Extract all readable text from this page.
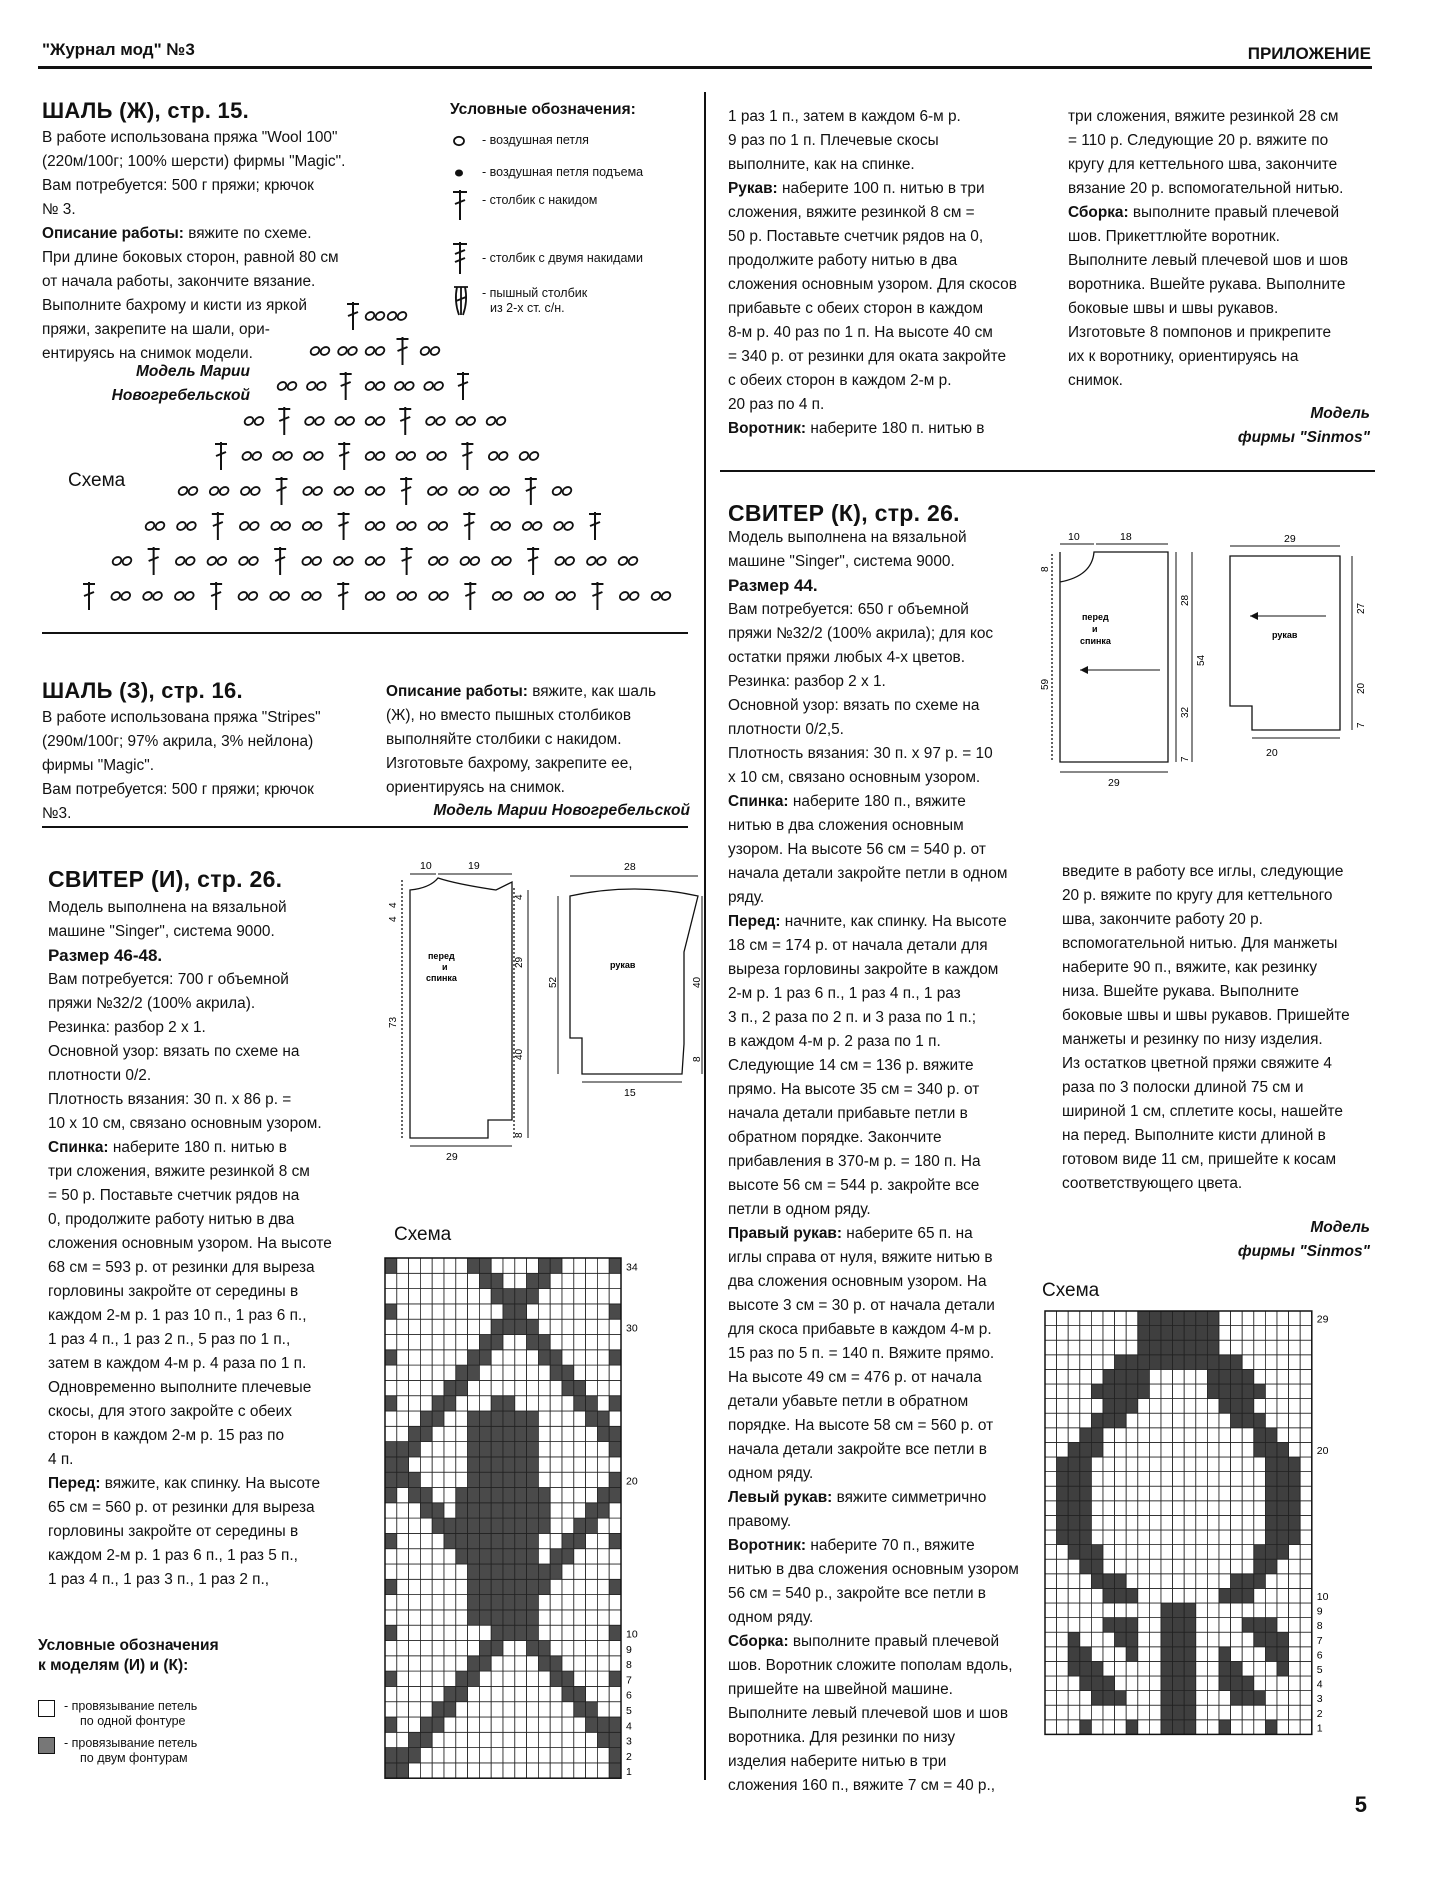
"Журнал мод" №3	ПРИЛОЖЕНИЕ
ШАЛЬ (Ж), стр. 15.
В работе использована пряжа "Wool 100"
(220м/100г; 100% шерсти) фирмы "Magic".
Вам потребуется: 500 г пряжи; крючок
№ 3.
Описание работы: вяжите по схеме.
При длине боковых сторон, равной 80 см
от начала работы, закончите вязание.
Выполните бахрому и кисти из яркой
пряжи, закрепите на шали, ори-
ентируясь на снимок модели.
Модель Марии
Новогребельской
Схема
Условные обозначения:
- воздушная петля
- воздушная петля подъема
- столбик с накидом
- столбик с двумя накидами
- пышный столбик
из 2-х ст. с/н.
ШАЛЬ (З), стр. 16.
В работе использована пряжа "Stripes"
(290м/100г; 97% акрила, 3% нейлона)
фирмы "Magic".
Вам потребуется: 500 г пряжи; крючок
№3.
Описание работы: вяжите, как шаль
(Ж), но вместо пышных столбиков
выполняйте столбики с накидом.
Изготовьте бахрому, закрепите ее,
ориентируясь на снимок.
Модель Марии Новогребельской
СВИТЕР (И), стр. 26.
Модель выполнена на вязальной
машине "Singer", система 9000.
Размер 46-48.
Вам потребуется: 700 г объемной
пряжи №32/2 (100% акрила).
Резинка: разбор 2 х 1.
Основной узор: вязать по схеме на
плотности 0/2.
Плотность вязания: 30 п. х 86 р. =
10 х 10 см, связано основным узором.
Спинка: наберите 180 п. нитью в
три сложения, вяжите резинкой 8 см
= 50 р. Поставьте счетчик рядов на
0, продолжите работу нитью в два
сложения основным узором. На высоте
68 см = 593 р. от резинки для выреза
горловины закройте от середины в
каждом 2-м р. 1 раз 10 п., 1 раз 6 п.,
1 раз 4 п., 1 раз 2 п., 5 раз по 1 п.,
затем в каждом 4-м р. 4 раза по 1 п.
Одновременно выполните плечевые
скосы, для этого закройте с обеих
сторон в каждом 2-м р. 15 раз по
4 п.
Перед: вяжите, как спинку. На высоте
65 см = 560 р. от резинки для выреза
горловины закройте от середины в
каждом 2-м р. 1 раз 6 п., 1 раз 5 п.,
1 раз 4 п., 1 раз 3 п., 1 раз 2 п.,
10	19
29
28
15
перед
и
спинка
рукав
4
4
73
4
29
40
8
52	40
8
Схема
1
2
3
4
5
6
7
8
9
10
20
30
34
Условные обозначения
к моделям (И) и (К):
- провязывание петель
по одной фонтуре
- провязывание петель
по двум фонтурам
1 раз 1 п., затем в каждом 6-м р.
9 раз по 1 п. Плечевые скосы
выполните, как на спинке.
Рукав: наберите 100 п. нитью в три
сложения, вяжите резинкой 8 см =
50 р. Поставьте счетчик рядов на 0,
продолжите работу нитью в два
сложения основным узором. Для скосов
прибавьте с обеих сторон в каждом
8-м р. 40 раз по 1 п. На высоте 40 см
= 340 р. от резинки для оката закройте
с обеих сторон в каждом 2-м р.
20 раз по 4 п.
Воротник: наберите 180 п. нитью в
три сложения, вяжите резинкой 28 см
= 110 р. Следующие 20 р. вяжите по
кругу для кеттельного шва, закончите
вязание 20 р. вспомогательной нитью.
Сборка: выполните правый плечевой
шов. Прикеттлюйте воротник.
Выполните левый плечевой шов и шов
воротника. Вшейте рукава. Выполните
боковые швы и швы рукавов.
Изготовьте 8 помпонов и прикрепите
их к воротнику, ориентируясь на
снимок.
Модель
фирмы "Sinmos"
СВИТЕР (К), стр. 26.
Модель выполнена на вязальной
машине "Singer", система 9000.
Размер 44.
Вам потребуется: 650 г объемной
пряжи №32/2 (100% акрила); для кос
остатки пряжи любых 4-х цветов.
Резинка: разбор 2 х 1.
Основной узор: вязать по схеме на
плотности 0/2,5.
Плотность вязания: 30 п. х 97 р. = 10
х 10 см, связано основным узором.
Спинка: наберите 180 п., вяжите
нитью в два сложения основным
узором. На высоте 56 см = 540 р. от
начала детали закройте петли в одном
ряду.
Перед: начните, как спинку. На высоте
18 см = 174 р. от начала детали для
выреза горловины закройте в каждом
2-м р. 1 раз 6 п., 1 раз 4 п., 1 раз
3 п., 2 раза по 2 п. и 3 раза по 1 п.;
в каждом 4-м р. 2 раза по 1 п.
Следующие 14 см = 136 р. вяжите
прямо. На высоте 35 см = 340 р. от
начала детали прибавьте петли в
обратном порядке. Закончите
прибавления в 370-м р. = 180 п. На
высоте 56 см = 544 р. закройте все
петли в одном ряду.
Правый рукав: наберите 65 п. на
иглы справа от нуля, вяжите нитью в
два сложения основным узором. На
высоте 3 см = 30 р. от начала детали
для скоса прибавьте в каждом 4-м р.
15 раз по 5 п. = 140 п. Вяжите прямо.
На высоте 49 см = 476 р. от начала
детали убавьте петли в обратном
порядке. На высоте 58 см = 560 р. от
начала детали закройте все петли в
одном ряду.
Левый рукав: вяжите симметрично
правому.
Воротник: наберите 70 п., вяжите
нитью в два сложения основным узором
56 см = 540 р., закройте все петли в
одном ряду.
Сборка: выполните правый плечевой
шов. Воротник сложите пополам вдоль,
пришейте на швейной машине.
Выполните левый плечевой шов и шов
воротника. Для резинки по низу
изделия наберите нитью в три
сложения 160 п., вяжите 7 см = 40 р.,
10	18
29
29
20
перед
и
спинка
рукав
8
59
28
32
7
54
27
20
7
введите в работу все иглы, следующие
20 р. вяжите по кругу для кеттельного
шва, закончите работу 20 р.
вспомогательной нитью. Для манжеты
наберите 90 п., вяжите, как резинку
низа. Вшейте рукава. Выполните
боковые швы и швы рукавов. Пришейте
манжеты и резинку по низу изделия.
Из остатков цветной пряжи свяжите 4
раза по 3 полоски длиной 75 см и
шириной 1 см, сплетите косы, нашейте
на перед. Выполните кисти длиной в
готовом виде 11 см, пришейте к косам
соответствующего цвета.
Модель
фирмы "Sinmos"
Схема
1
2
3
4
5
6
7
8
9
10
20
29
5
